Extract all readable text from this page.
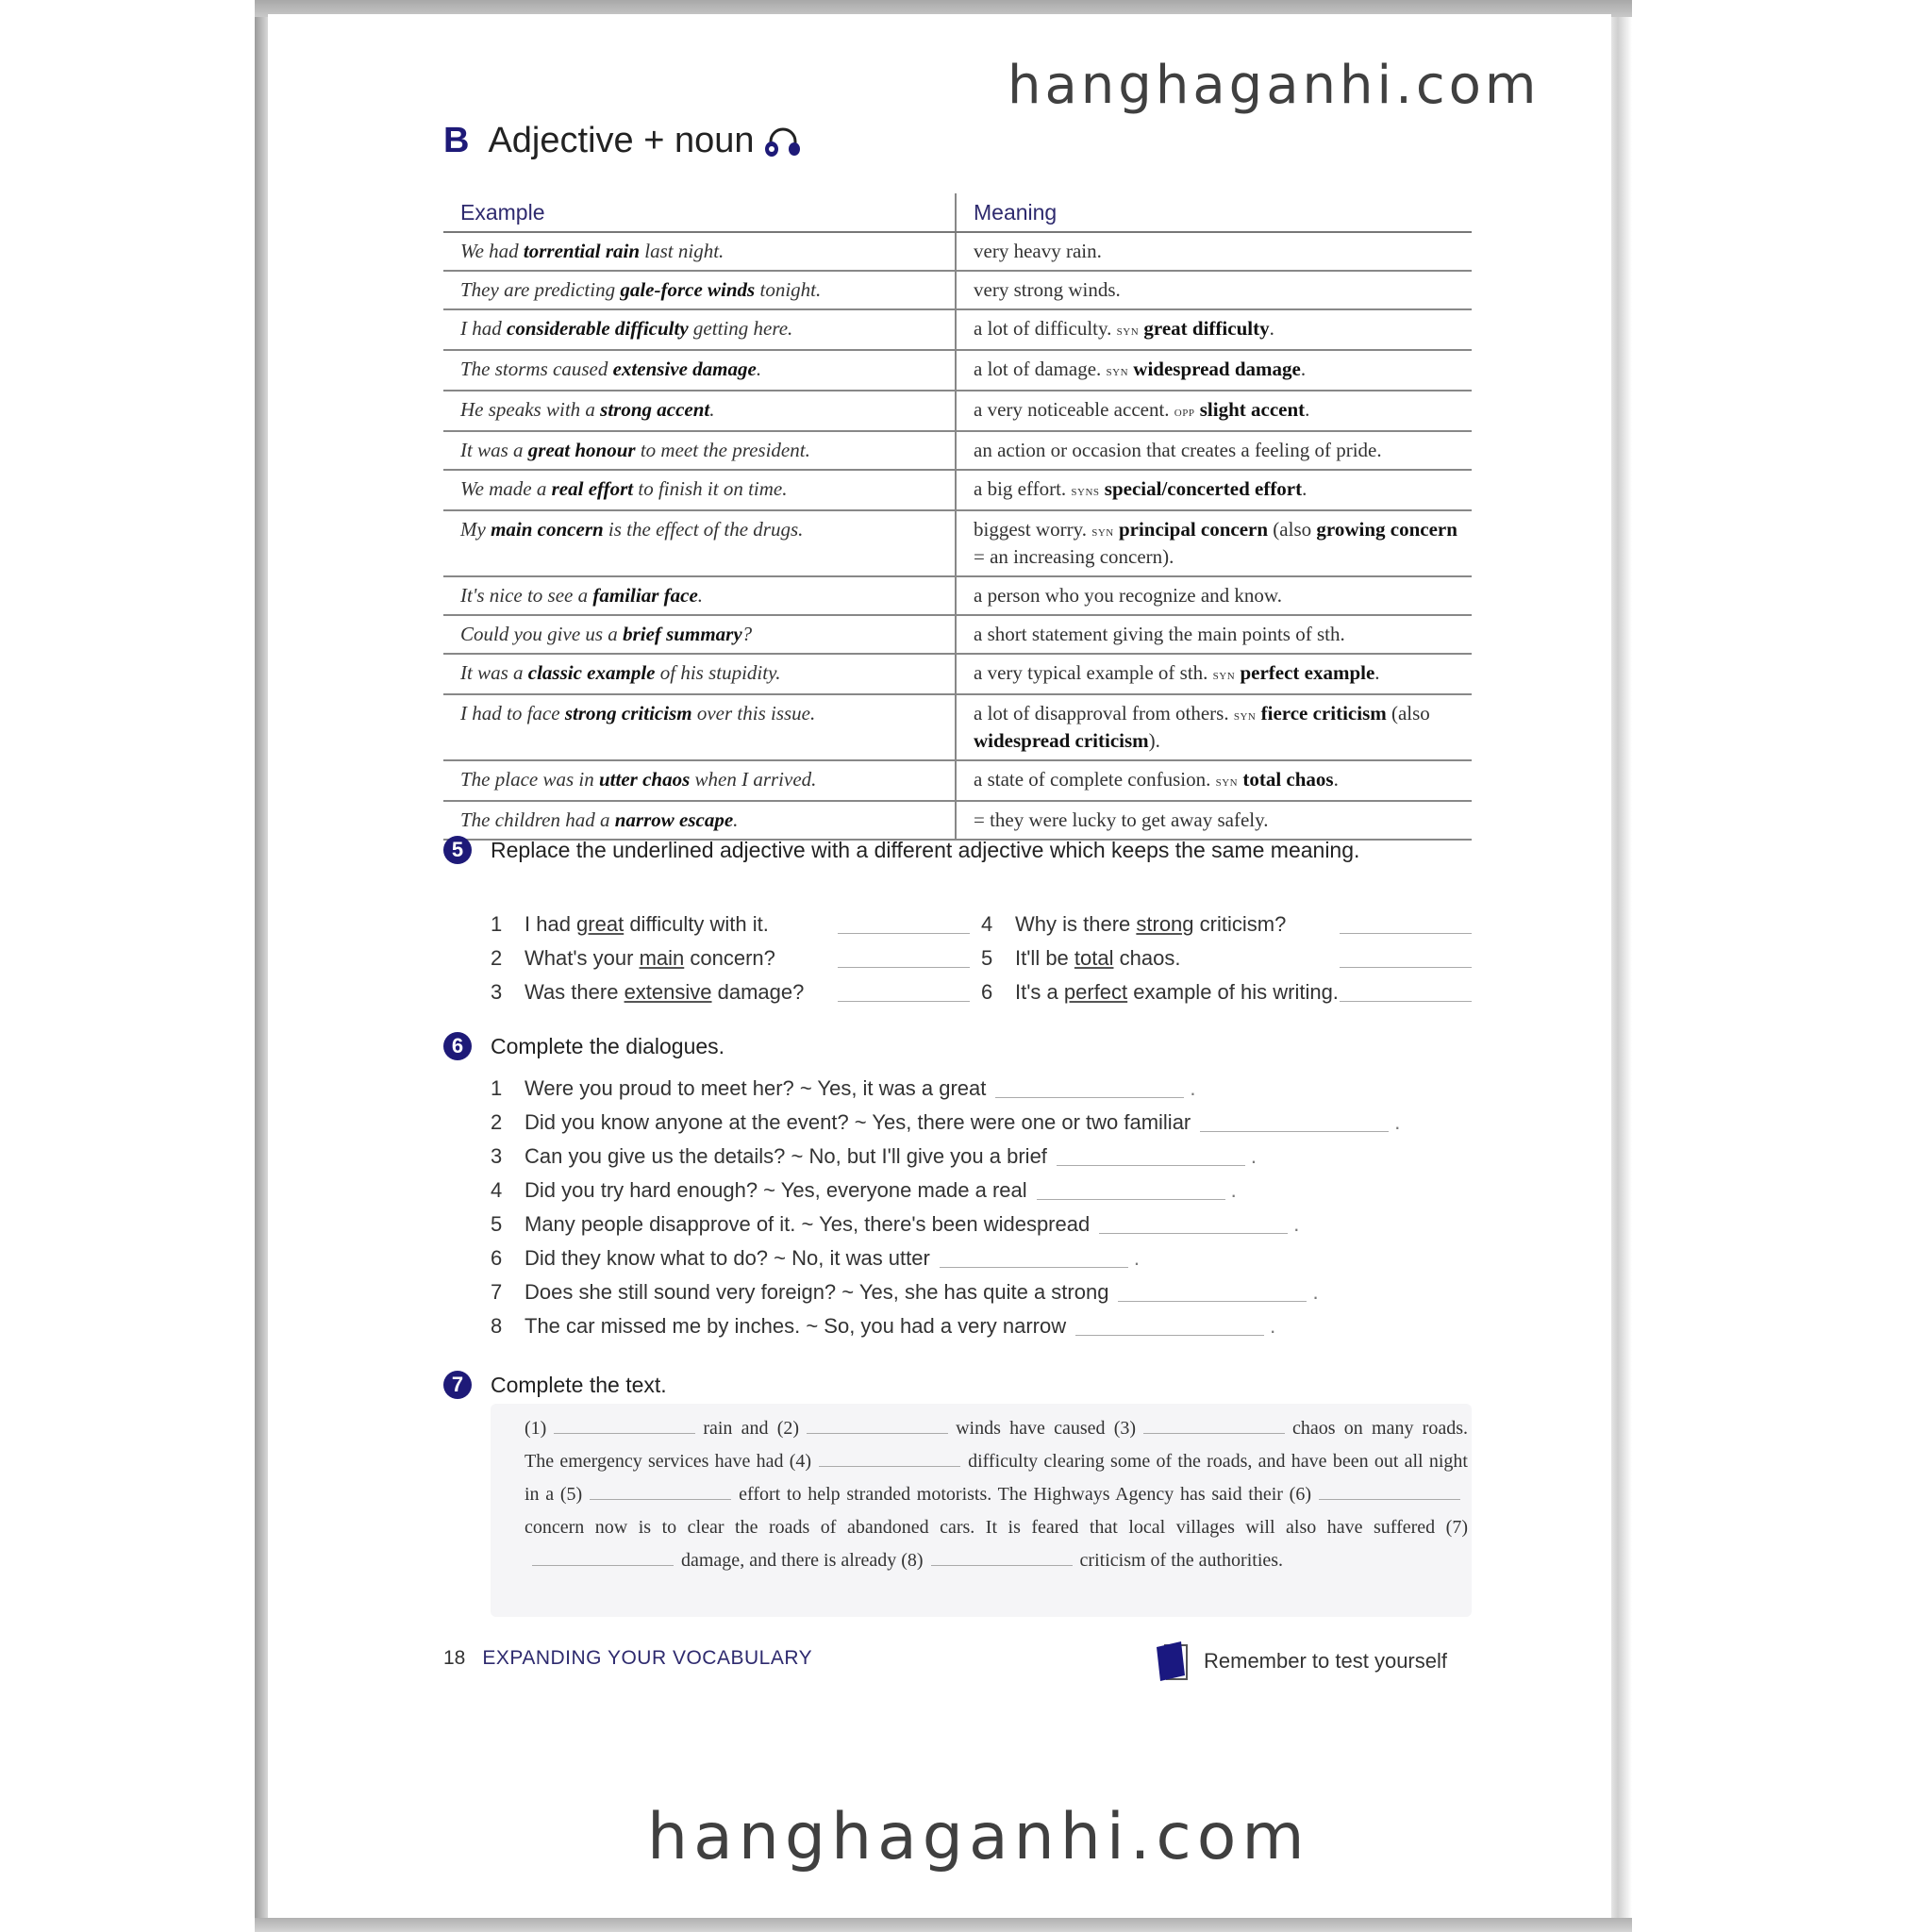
hanghaganhi.com
B Adjective + noun
Example	Meaning
We had torrential rain last night.	very heavy rain.
They are predicting gale-force winds tonight.	very strong winds.
I had considerable difficulty getting here.	a lot of difficulty. syn great difficulty.
The storms caused extensive damage.	a lot of damage. syn widespread damage.
He speaks with a strong accent.	a very noticeable accent. opp slight accent.
It was a great honour to meet the president.	an action or occasion that creates a feeling of pride.
We made a real effort to finish it on time.	a big effort. syns special/concerted effort.
My main concern is the effect of the drugs.	biggest worry. syn principal concern (also growing concern = an increasing concern).
It's nice to see a familiar face.	a person who you recognize and know.
Could you give us a brief summary?	a short statement giving the main points of sth.
It was a classic example of his stupidity.	a very typical example of sth. syn perfect example.
I had to face strong criticism over this issue.	a lot of disapproval from others. syn fierce criticism (also widespread criticism).
The place was in utter chaos when I arrived.	a state of complete confusion. syn total chaos.
The children had a narrow escape.	= they were lucky to get away safely.
5	Replace the underlined adjective with a different adjective which keeps the same meaning.
1	I had great difficulty with it.	4	Why is there strong criticism?
2	What's your main concern?	5	It'll be total chaos.
3	Was there extensive damage?	6	It's a perfect example of his writing.
6	Complete the dialogues.
1	Were you proud to meet her? ~ Yes, it was a great	.
2	Did you know anyone at the event? ~ Yes, there were one or two familiar	.
3	Can you give us the details? ~ No, but I'll give you a brief	.
4	Did you try hard enough? ~ Yes, everyone made a real	.
5	Many people disapprove of it. ~ Yes, there's been widespread	.
6	Did they know what to do? ~ No, it was utter	.
7	Does she still sound very foreign? ~ Yes, she has quite a strong	.
8	The car missed me by inches. ~ So, you had a very narrow	.
7	Complete the text.
(1)	rain and (2)	winds have caused (3)	chaos on many roads. The emergency services have had (4)	difficulty clearing some of the roads, and have been out all night in a (5)	effort to help stranded motorists. The Highways Agency has said their (6)concern now is to clear the roads of abandoned cars. It is feared that local villages will also have suffered (7)damage, and there is already (8)	criticism of the authorities.
18 EXPANDING YOUR VOCABULARY	Remember to test yourself
hanghaganhi.com
